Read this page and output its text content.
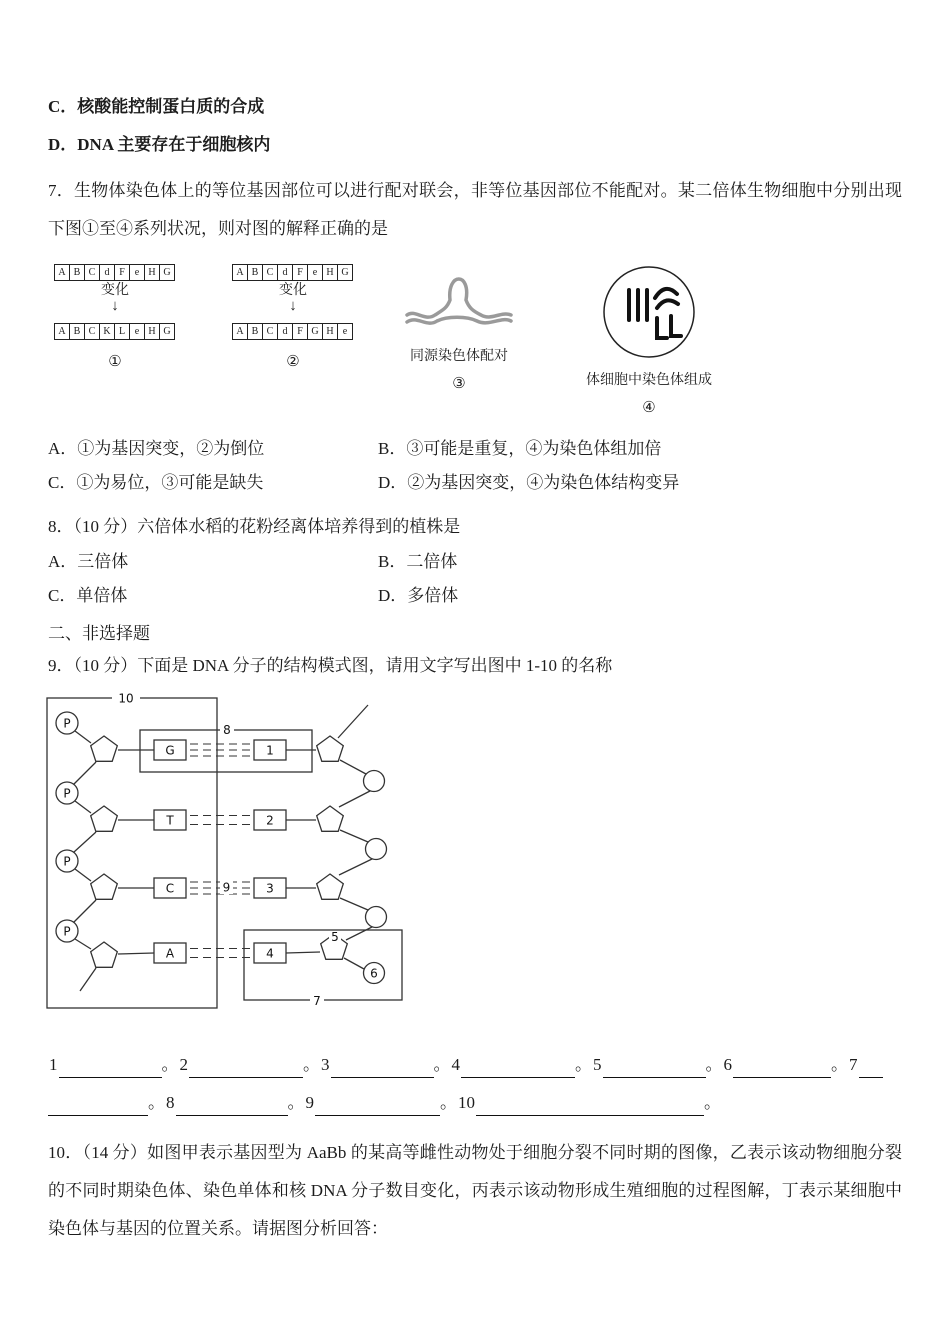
C．核酸能控制蛋白质的合成
D．DNA 主要存在于细胞核内

7．生物体染色体上的等位基因部位可以进行配对联会，非等位基因部位不能配对。某二倍体生物细胞中分别出现下图①至④系列状况，则对图的解释正确的是

A B C d F e H G
变化
↓
A B C K L e H G
①
A B C d F e H G
变化
↓
A B C d F G H e
②	同源染色体配对
③	体细胞中染色体组成
④
A．①为基因突变，②为倒位	B．③可能是重复，④为染色体组加倍
C．①为易位，③可能是缺失	D．②为基因突变，④为染色体结构变异
8．（10 分）六倍体水稻的花粉经离体培养得到的植株是
A．三倍体	B．二倍体
C．单倍体	D．多倍体
二、非选择题
9．（10 分）下面是 DNA 分子的结构模式图，请用文字写出图中 1-10 的名称
P
P
P
P
G
T
C
A
1
2
3
4
10
8
9
5
6
7
1	。2	。3	。4	。5	。6	。7
。8	。9	。10	。

10．（14 分）如图甲表示基因型为 AaBb 的某高等雌性动物处于细胞分裂不同时期的图像，乙表示该动物细胞分裂的不同时期染色体、染色单体和核 DNA 分子数目变化，丙表示该动物形成生殖细胞的过程图解，丁表示某细胞中染色体与基因的位置关系。请据图分析回答：
